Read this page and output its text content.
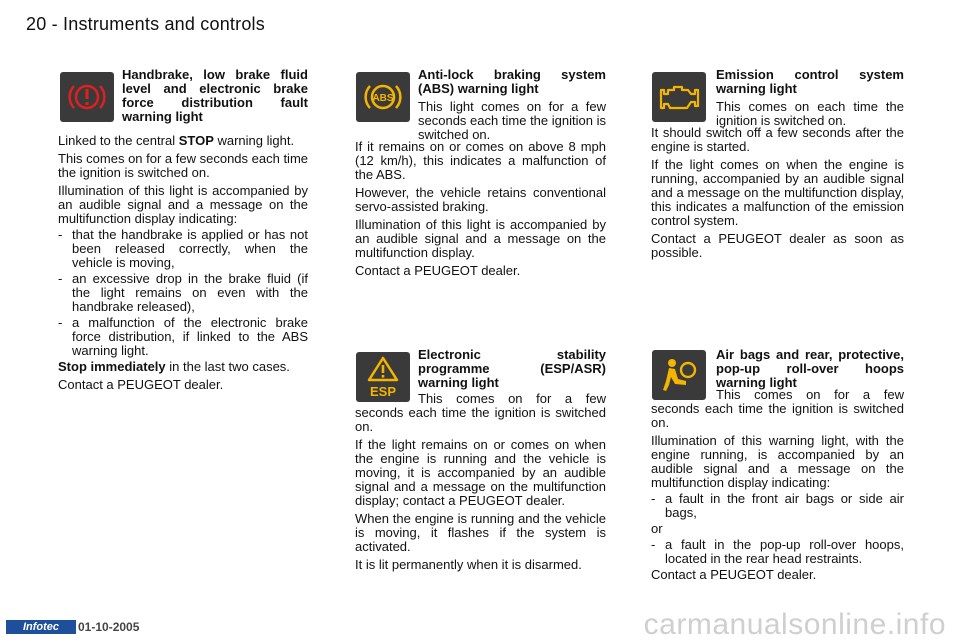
20 - Instruments and controls

Handbrake, low brake fluid level and electronic brake force distribution fault warning light

Linked to the central STOP warning light.

This comes on for a few seconds each time the ignition is switched on.

Illumination of this light is accompanied by an audible signal and a message on the multifunction display indicating:

- that the handbrake is applied or has not been released correctly, when the vehicle is moving,
- an excessive drop in the brake fluid (if the light remains on even with the handbrake released),
- a malfunction of the electronic brake force distribution, if linked to the ABS warning light.

Stop immediately in the last two cases.

Contact a PEUGEOT dealer.

ABS

Anti-lock braking system (ABS) warning light

This light comes on for a few seconds each time the ignition is switched on.

If it remains on or comes on above 8 mph (12 km/h), this indicates a malfunction of the ABS.

However, the vehicle retains conventional servo-assisted braking.

Illumination of this light is accompanied by an audible signal and a message on the multifunction display.

Contact a PEUGEOT dealer.

ESP

Electronic stability programme (ESP/ASR) warning light

This comes on for a few seconds each time the ignition is switched on.

If the light remains on or comes on when the engine is running and the vehicle is moving, it is accompanied by an audible signal and a message on the multifunction display; contact a PEUGEOT dealer.

When the engine is running and the vehicle is moving, it flashes if the system is activated.

It is lit permanently when it is disarmed.

Emission control system warning light

This comes on each time the ignition is switched on.

It should switch off a few seconds after the engine is started.

If the light comes on when the engine is running, accompanied by an audible signal and a message on the multifunction display, this indicates a malfunction of the emission control system.

Contact a PEUGEOT dealer as soon as possible.

Air bags and rear, protective, pop-up roll-over hoops warning light

This comes on for a few seconds each time the ignition is switched on.

Illumination of this warning light, with the engine running, is accompanied by an audible signal and a message on the multifunction display indicating:

- a fault in the front air bags or side air bags,
or
- a fault in the pop-up roll-over hoops, located in the rear head restraints.

Contact a PEUGEOT dealer.

Infotec	01-10-2005	carmanualsonline.info
